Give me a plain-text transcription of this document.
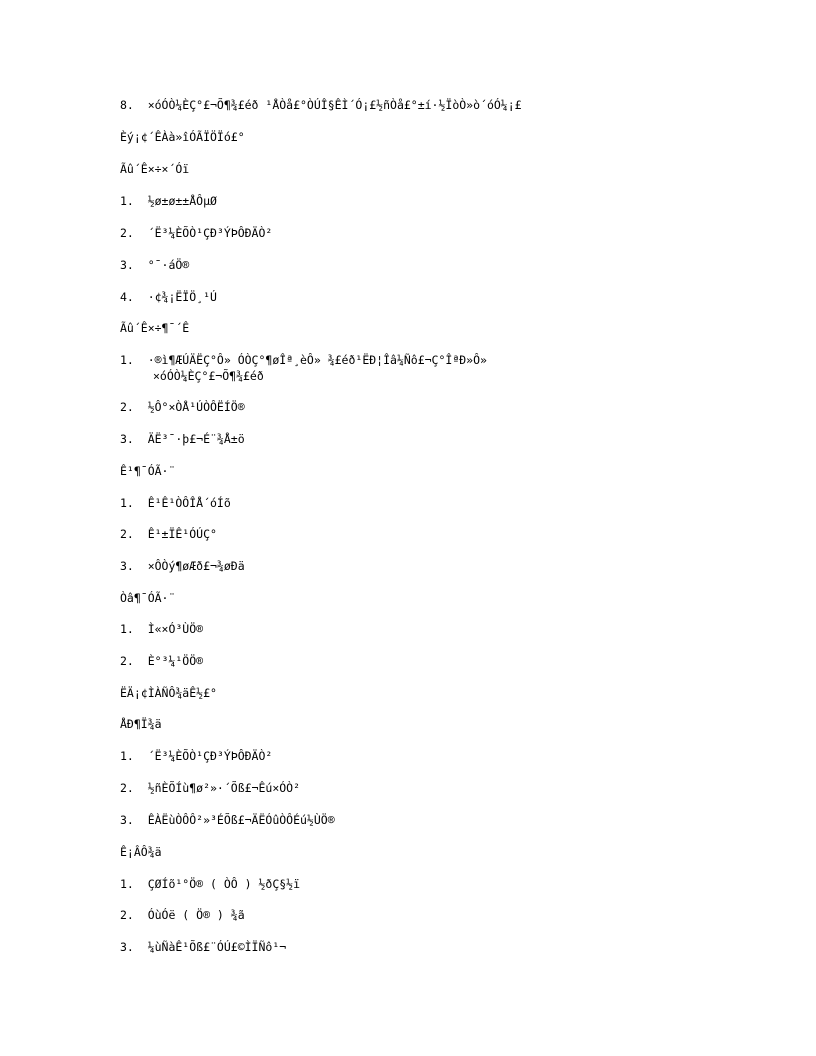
8.  ×óÓÒ¼ÈÇ°£¬Õ¶¾£éð ¹ÅÒå£°ÒÚÎ§ÊÌ´Ó¡£½ñÒå£°±í·½ÏòÒ»ò´óÓ¼¡£
Èý¡¢´ÊÀà»îÓÃÏÖÏó£°
Ãû´Ê×÷×´Óï
1.  ½ø±ø±±ÅÔµØ
2.  ´Ë³¼ÈÕÒ¹ÇÐ³ÝÞÔÐÄÒ²
3.  °¯·áÖ®
4.  ·¢¾¡ËÏÖ¸¹Ú
Ãû´Ê×÷¶¯´Ê
1.  ·®ì¶ÆÚÄËÇ°Ô» ÓÒÇ°¶øÎª¸èÔ» ¾£éð¹ËÐ¦Îâ¼Ñô£¬Ç°ÎªÐ»Ô»
×óÓÒ¼ÈÇ°£¬Õ¶¾£éð
2.  ½Ô°×ÒÅ¹ÚÒÔËÍÖ®
3.  ÄË³¯·þ£¬É¨¾Å±ö
Ê¹¶¯ÓÃ·¨
1.  Ê¹Ê¹ÒÔÎÅ´óÍõ
2.  Ê¹±ÏÊ¹ÓÚÇ°
3.  ×ÔÒý¶øÆð£¬¾øÐä
Òâ¶¯ÓÃ·¨
1.  Ì«×Ó³ÙÖ®
2.  È°³¼¹ÖÖ®
ËÄ¡¢ÌÀÑÔ¾äÊ½£°
ÅÐ¶Ï¾ä
1.  ´Ë³¼ÈÕÒ¹ÇÐ³ÝÞÔÐÄÒ²
2.  ½ñÈÕÍù¶ø²»·´Õß£¬Êú×ÓÒ²
3.  ÊÀËùÒÔÔ²»³ÉÕß£¬ÄËÓûÒÔÉú½ÙÖ®
Ê¡ÂÔ¾ä
1.  ÇØÍõ¹°Ö® ( ÒÔ ) ½ðÇ§½ï
2.  ÓùÓë ( Ö® ) ¾ã
3.  ¼ùÑàÊ¹Õß£¨ÓÚ£©ÌÏÑô¹¬
